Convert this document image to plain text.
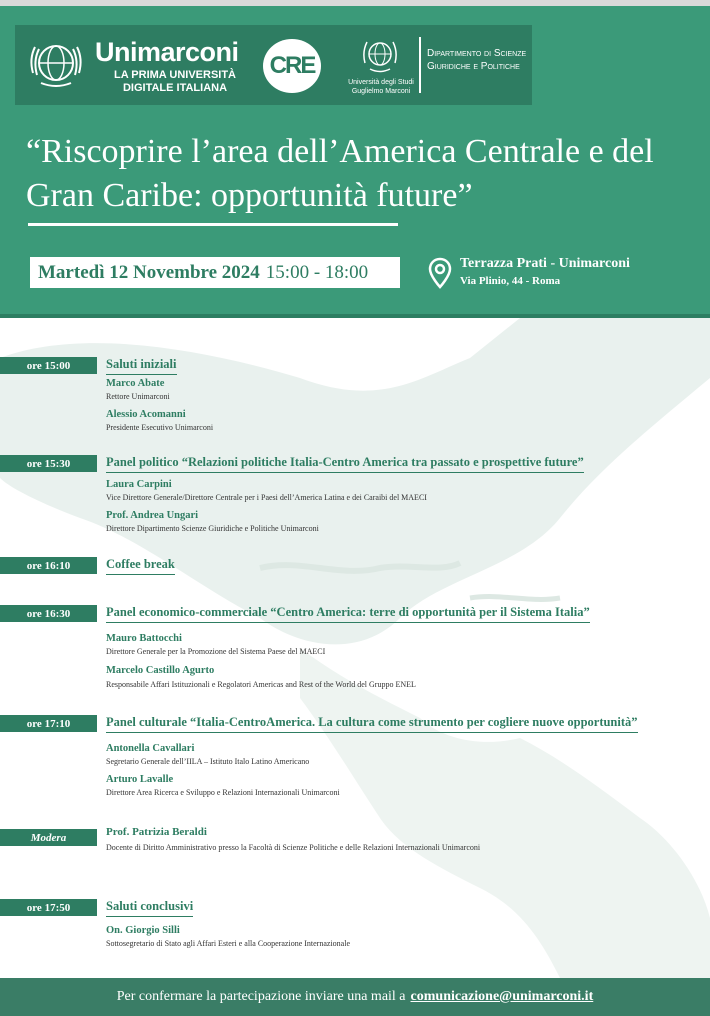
Unimarconi
LA PRIMA UNIVERSITÀ DIGITALE ITALIANA
CRE
Università degli Studi Guglielmo Marconi
Dipartimento di Scienze Giuridiche e Politiche
“Riscoprire l’area dell’America Centrale e del Gran Caribe: opportunità future”
Martedì 12 Novembre 2024 15:00 - 18:00	Terrazza Prati - Unimarconi
Via Plinio, 44 - Roma
ore 15:00	Saluti iniziali
Marco Abate
Rettore Unimarconi
Alessio Acomanni
Presidente Esecutivo Unimarconi
ore 15:30	Panel politico “Relazioni politiche Italia-Centro America tra passato e prospettive future”
Laura Carpini
Vice Direttore Generale/Direttore Centrale per i Paesi dell’America Latina e dei Caraibi del MAECI
Prof. Andrea Ungari
Direttore Dipartimento Scienze Giuridiche e Politiche Unimarconi
ore 16:10	Coffee break
ore 16:30	Panel economico-commerciale “Centro America: terre di opportunità per il Sistema Italia”
Mauro Battocchi
Direttore Generale per la Promozione del Sistema Paese del MAECI
Marcelo Castillo Agurto
Responsabile Affari Istituzionali e Regolatori Americas and Rest of the World del Gruppo ENEL
ore 17:10	Panel culturale “Italia-CentroAmerica. La cultura come strumento per cogliere nuove opportunità”
Antonella Cavallari
Segretario Generale dell’IILA – Istituto Italo Latino Americano
Arturo Lavalle
Direttore Area Ricerca e Sviluppo e Relazioni Internazionali Unimarconi
Modera	Prof. Patrizia Beraldi
Docente di Diritto Amministrativo presso la Facoltà di Scienze Politiche e delle Relazioni Internazionali Unimarconi
ore 17:50	Saluti conclusivi
On. Giorgio Silli
Sottosegretario di Stato agli Affari Esteri e alla Cooperazione Internazionale
Per confermare la partecipazione inviare una mail a comunicazione@unimarconi.it
